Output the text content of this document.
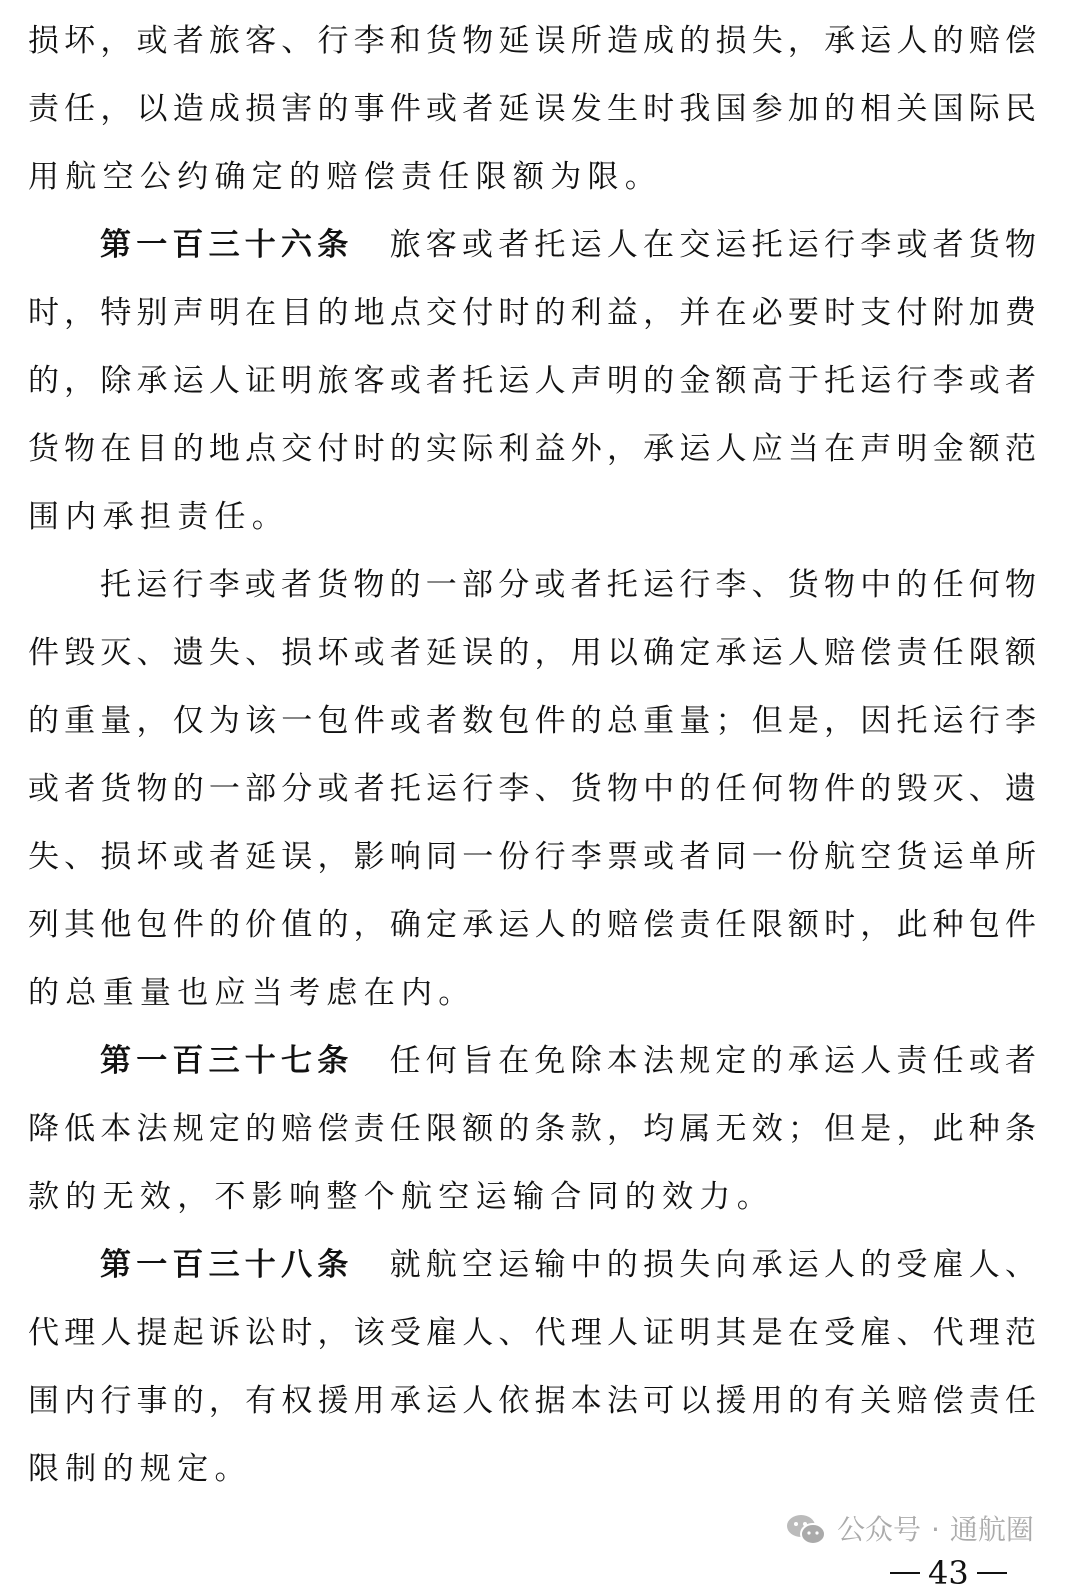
损坏，或者旅客、行李和货物延误所造成的损失，承运人的赔偿
责任，以造成损害的事件或者延误发生时我国参加的相关国际民
用航空公约确定的赔偿责任限额为限。
第一百三十六条　旅客或者托运人在交运托运行李或者货物
时，特别声明在目的地点交付时的利益，并在必要时支付附加费
的，除承运人证明旅客或者托运人声明的金额高于托运行李或者
货物在目的地点交付时的实际利益外，承运人应当在声明金额范
围内承担责任。
托运行李或者货物的一部分或者托运行李、货物中的任何物
件毁灭、遗失、损坏或者延误的，用以确定承运人赔偿责任限额
的重量，仅为该一包件或者数包件的总重量；但是，因托运行李
或者货物的一部分或者托运行李、货物中的任何物件的毁灭、遗
失、损坏或者延误，影响同一份行李票或者同一份航空货运单所
列其他包件的价值的，确定承运人的赔偿责任限额时，此种包件
的总重量也应当考虑在内。
第一百三十七条　任何旨在免除本法规定的承运人责任或者
降低本法规定的赔偿责任限额的条款，均属无效；但是，此种条
款的无效，不影响整个航空运输合同的效力。
第一百三十八条　就航空运输中的损失向承运人的受雇人、
代理人提起诉讼时，该受雇人、代理人证明其是在受雇、代理范
围内行事的，有权援用承运人依据本法可以援用的有关赔偿责任
限制的规定。
公众号 · 通航圈
43
